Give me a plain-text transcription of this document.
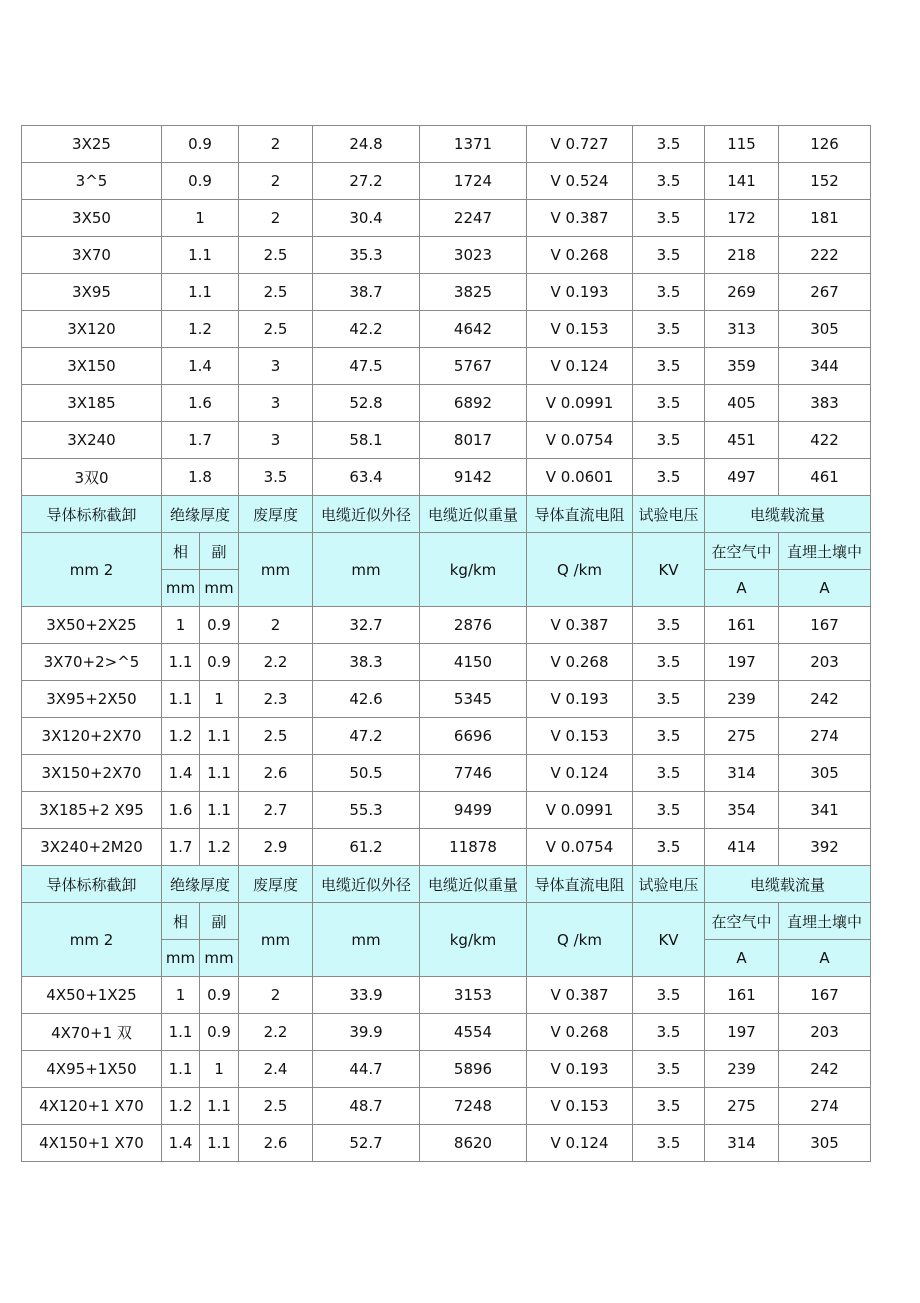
3X25	0.9		2	24.8	1371	V 0.727	3.5	115	126
3^5	0.9		2	27.2	1724	V 0.524	3.5	141	152
3X50	1		2	30.4	2247	V 0.387	3.5	172	181
3X70	1.1		2.5	35.3	3023	V 0.268	3.5	218	222
3X95	1.1		2.5	38.7	3825	V 0.193	3.5	269	267
3X120	1.2		2.5	42.2	4642	V 0.153	3.5	313	305
3X150	1.4		3	47.5	5767	V 0.124	3.5	359	344
3X185	1.6		3	52.8	6892	V 0.0991	3.5	405	383
3X240	1.7		3	58.1	8017	V 0.0754	3.5	451	422
3双0	1.8		3.5	63.4	9142	V 0.0601	3.5	497	461
导体标称截卸	绝缘厚度		废厚度	电缆近似外径	电缆近似重量	导体直流电阻	试验电压	电缆载流量	
mm 2	相	副	mm	mm	kg/km	Q /km	KV	在空气中	直埋土壤中
	mm	mm						A	A
3X50+2X25	1	0.9	2	32.7	2876	V 0.387	3.5	161	167
3X70+2>^5	1.1	0.9	2.2	38.3	4150	V 0.268	3.5	197	203
3X95+2X50	1.1	1	2.3	42.6	5345	V 0.193	3.5	239	242
3X120+2X70	1.2	1.1	2.5	47.2	6696	V 0.153	3.5	275	274
3X150+2X70	1.4	1.1	2.6	50.5	7746	V 0.124	3.5	314	305
3X185+2 X95	1.6	1.1	2.7	55.3	9499	V 0.0991	3.5	354	341
3X240+2M20	1.7	1.2	2.9	61.2	11878	V 0.0754	3.5	414	392
导体标称截卸	绝缘厚度		废厚度	电缆近似外径	电缆近似重量	导体直流电阻	试验电压	电缆载流量	
mm 2	相	副	mm	mm	kg/km	Q /km	KV	在空气中	直埋土壤中
	mm	mm						A	A
4X50+1X25	1	0.9	2	33.9	3153	V 0.387	3.5	161	167
4X70+1 双	1.1	0.9	2.2	39.9	4554	V 0.268	3.5	197	203
4X95+1X50	1.1	1	2.4	44.7	5896	V 0.193	3.5	239	242
4X120+1 X70	1.2	1.1	2.5	48.7	7248	V 0.153	3.5	275	274
4X150+1 X70	1.4	1.1	2.6	52.7	8620	V 0.124	3.5	314	305
